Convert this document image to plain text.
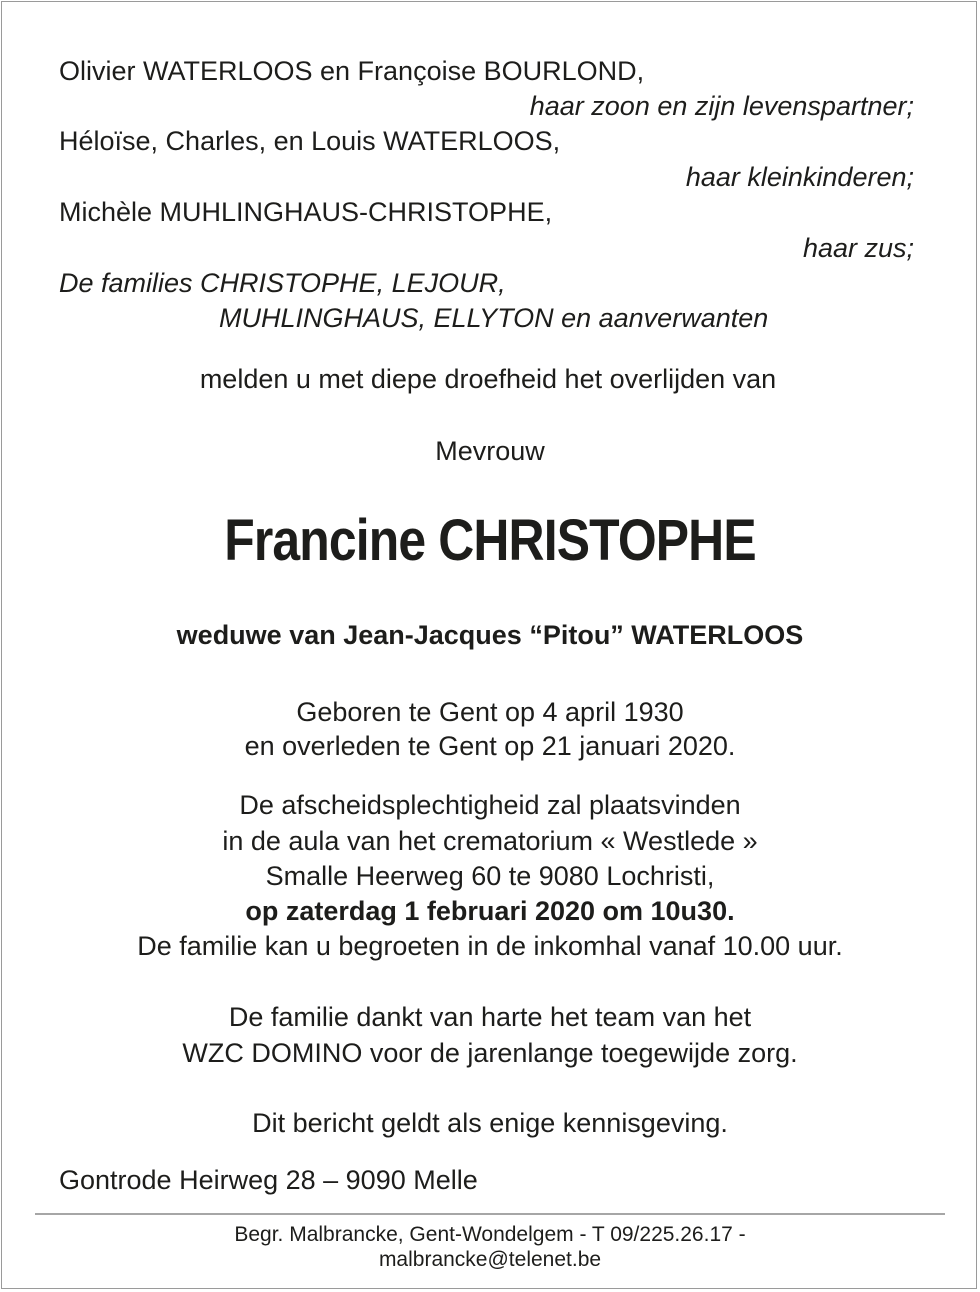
Olivier WATERLOOS en Françoise BOURLOND,
haar zoon en zijn levenspartner;
Héloïse, Charles, en Louis WATERLOOS,
haar kleinkinderen;
Michèle MUHLINGHAUS-CHRISTOPHE,
haar zus;
De families CHRISTOPHE, LEJOUR,
MUHLINGHAUS, ELLYTON en aanverwanten
melden u met diepe droefheid het overlijden van
Mevrouw
Francine CHRISTOPHE
weduwe van Jean-Jacques “Pitou” WATERLOOS
Geboren te Gent op 4 april 1930
en overleden te Gent op 21 januari 2020.
De afscheidsplechtigheid zal plaatsvinden
in de aula van het crematorium « Westlede »
Smalle Heerweg 60 te 9080 Lochristi,
op zaterdag 1 februari 2020 om 10u30.
De familie kan u begroeten in de inkomhal vanaf 10.00 uur.
De familie dankt van harte het team van het
WZC DOMINO voor de jarenlange toegewijde zorg.
Dit bericht geldt als enige kennisgeving.
Gontrode Heirweg 28 – 9090 Melle
Begr. Malbrancke, Gent-Wondelgem - T 09/225.26.17 -
malbrancke@telenet.be
